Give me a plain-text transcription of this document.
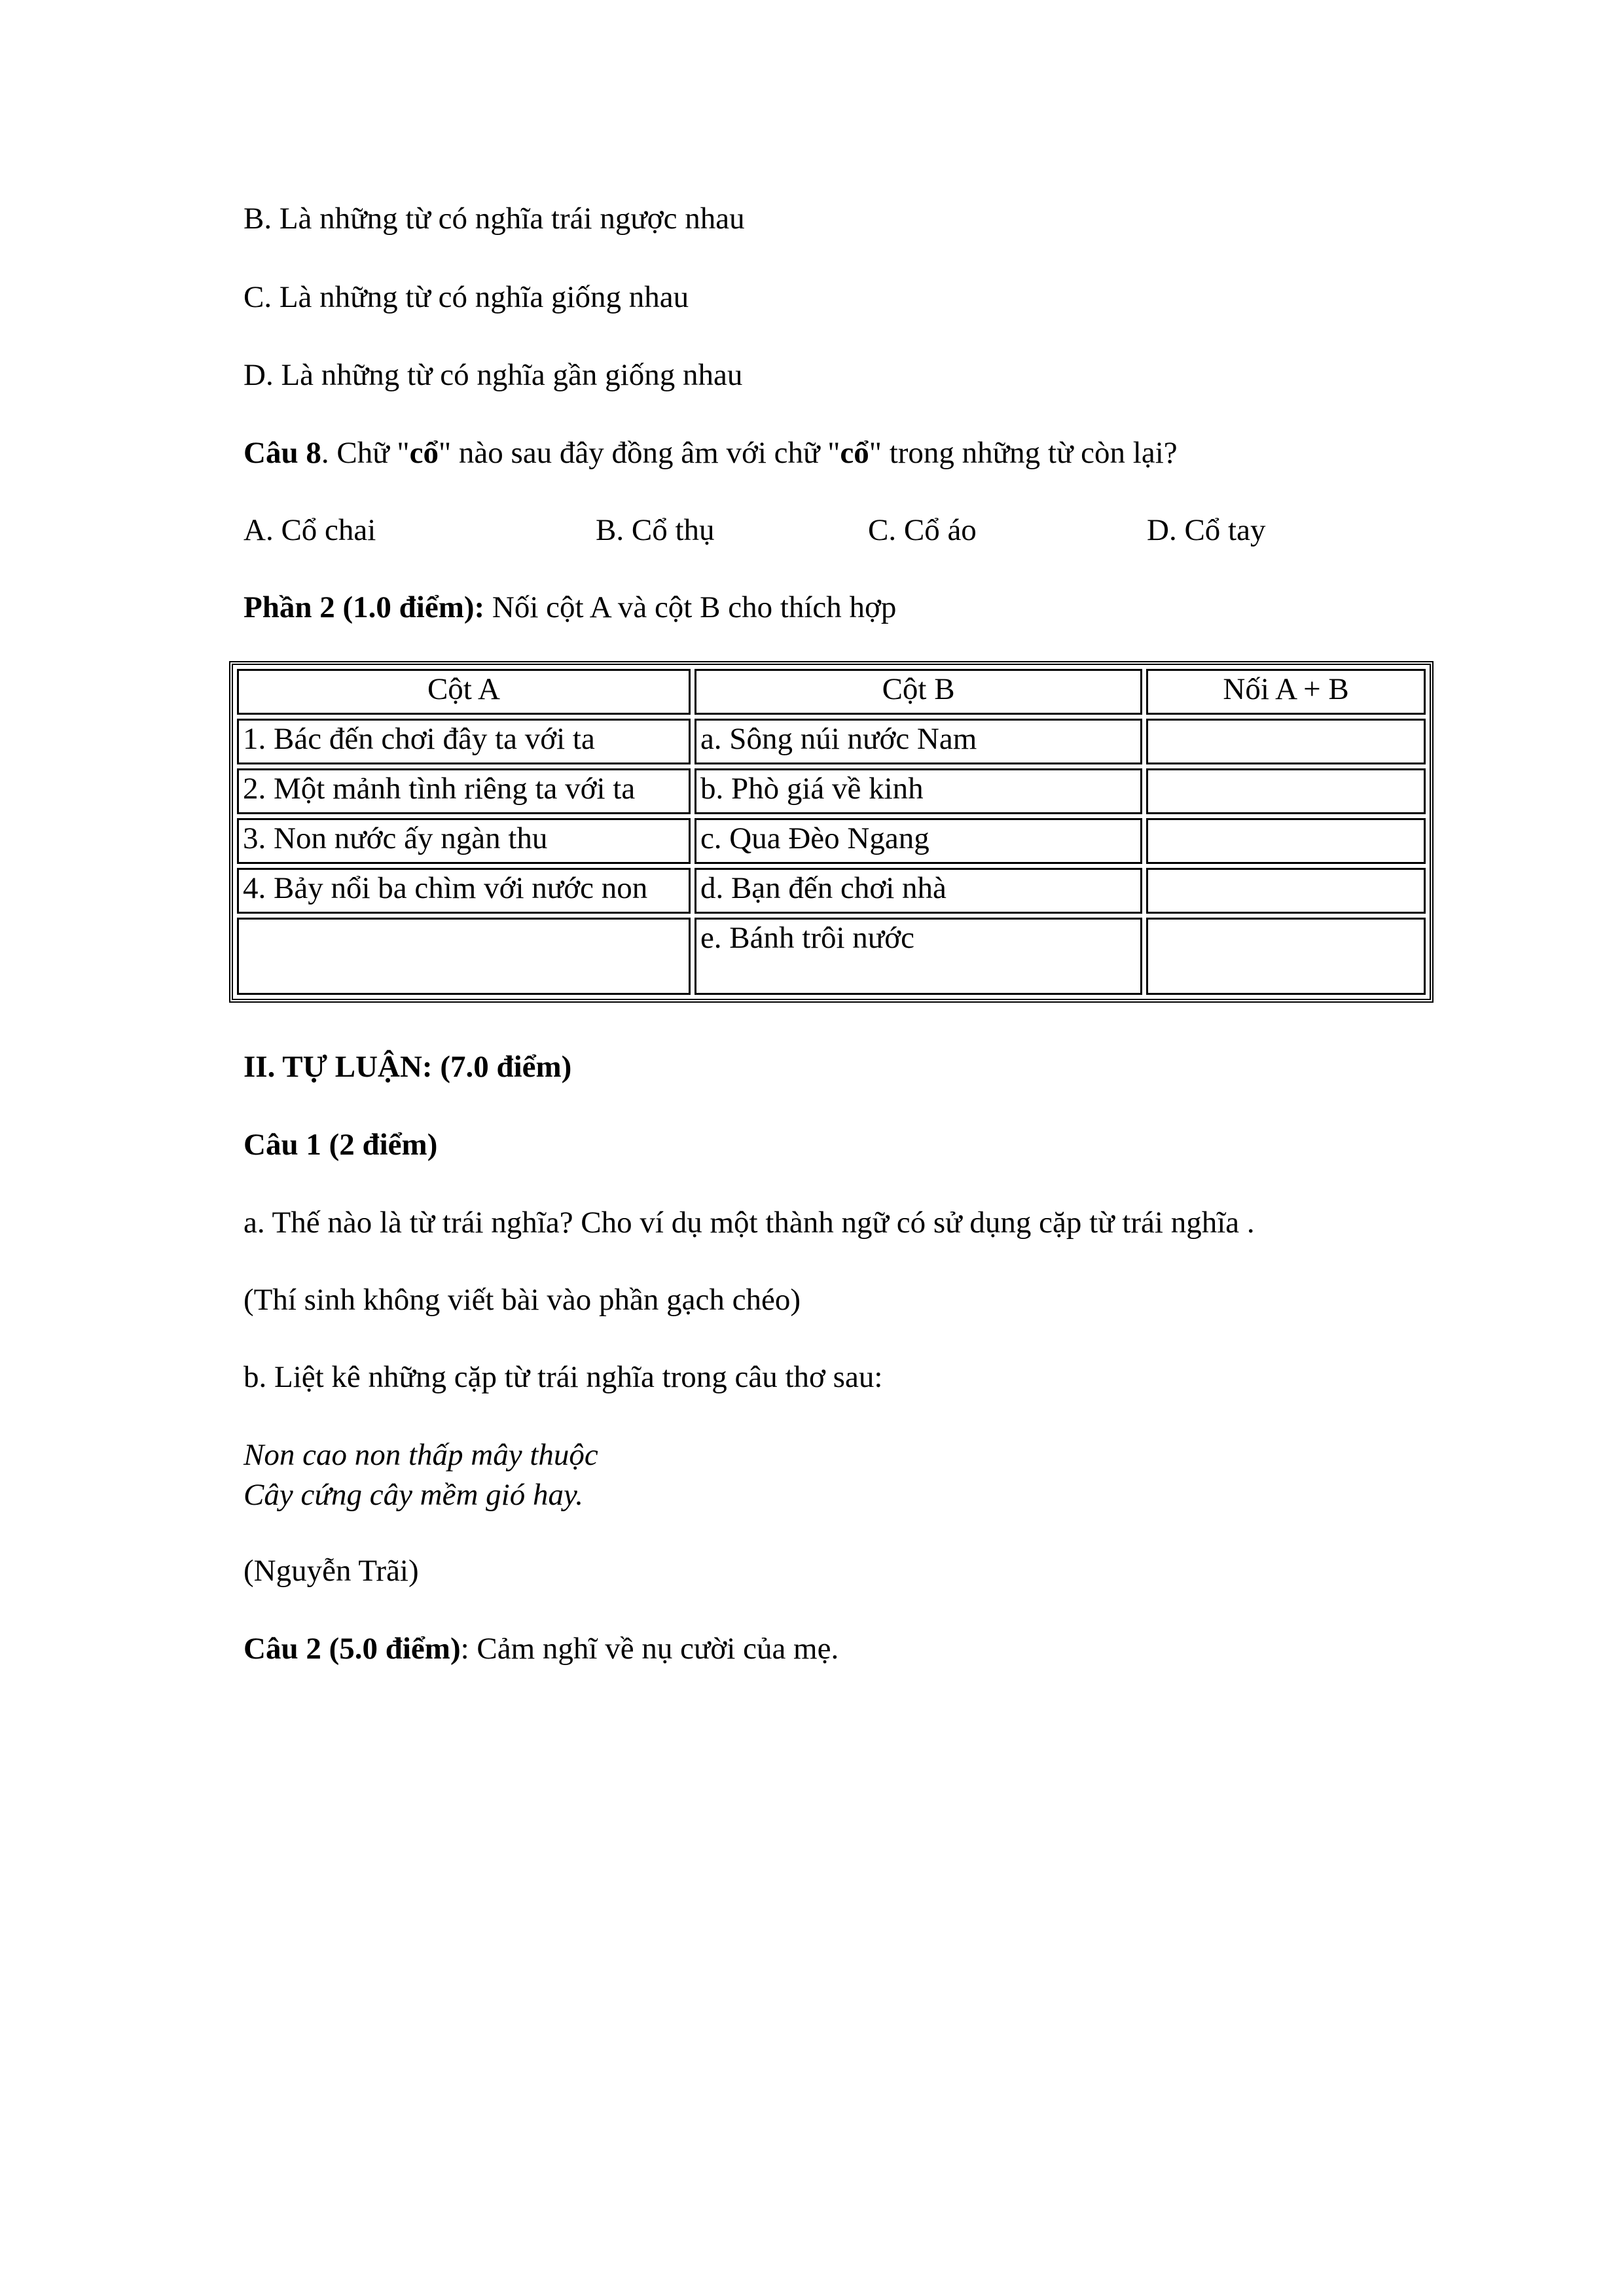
B. Là những từ có nghĩa trái ngược nhau
C. Là những từ có nghĩa giống nhau
D. Là những từ có nghĩa gần giống nhau
Câu 8. Chữ "cổ" nào sau đây đồng âm với chữ "cổ" trong những từ còn lại?
A. Cổ chai	B. Cổ thụ	C. Cổ áo	D. Cổ tay
Phần 2 (1.0 điểm): Nối cột A và cột B cho thích hợp
Cột A	Cột B	Nối A + B
1. Bác đến chơi đây ta với ta	a. Sông núi nước Nam	
2. Một mảnh tình riêng ta với ta	b. Phò giá về kinh	
3. Non nước ấy ngàn thu	c. Qua Đèo Ngang	
4. Bảy nổi ba chìm với nước non	d. Bạn đến chơi nhà	
	e. Bánh trôi nước	
II. TỰ LUẬN: (7.0 điểm)
Câu 1 (2 điểm)
a. Thế nào là từ trái nghĩa? Cho ví dụ một thành ngữ có sử dụng cặp từ trái nghĩa .
(Thí sinh không viết bài vào phần gạch chéo)
b. Liệt kê những cặp từ trái nghĩa trong câu thơ sau:
Non cao non thấp mây thuộc
Cây cứng cây mềm gió hay.
(Nguyễn Trãi)
Câu 2 (5.0 điểm): Cảm nghĩ về nụ cười của mẹ.
